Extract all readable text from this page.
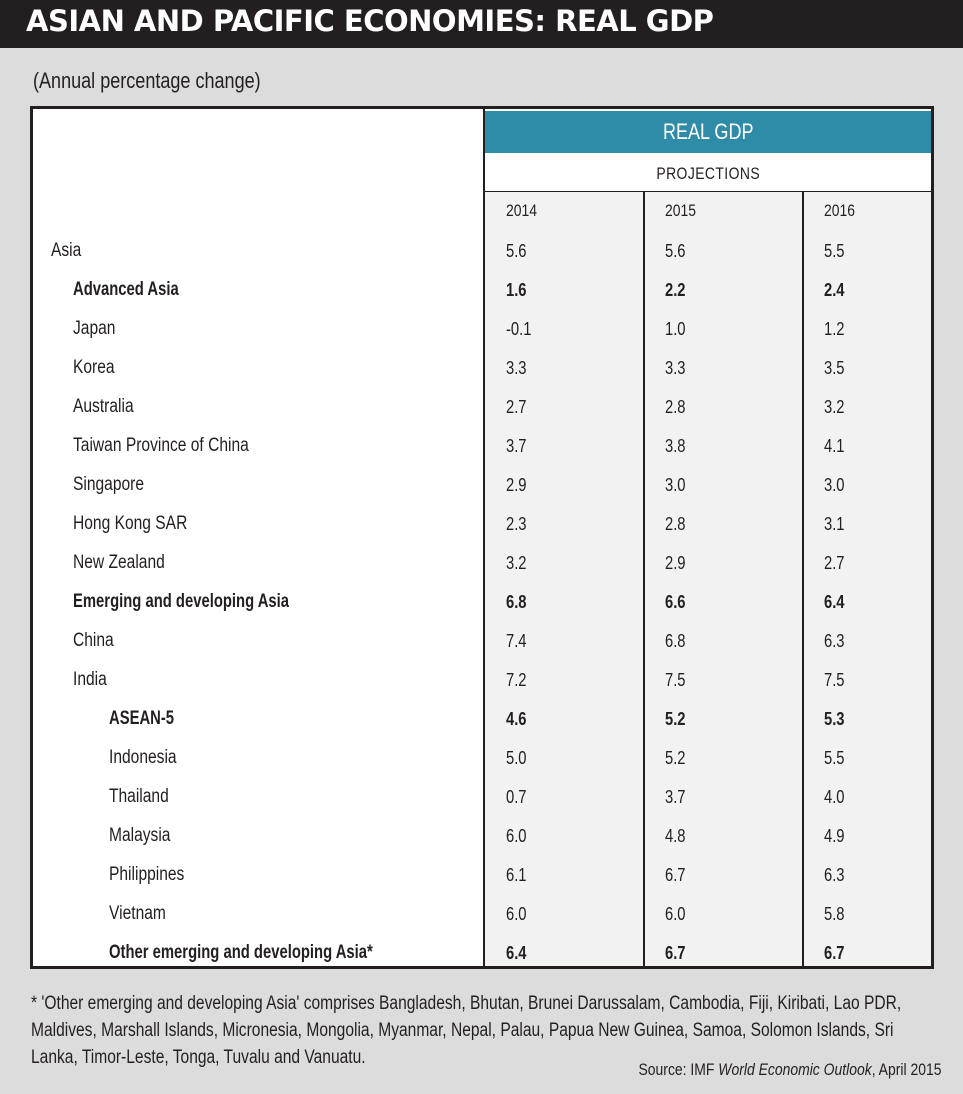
ASIAN AND PACIFIC ECONOMIES: REAL GDP
(Annual percentage change)
REAL GDP
PROJECTIONS
2014	2015	2016
Asia	5.6	5.6	5.5
Advanced Asia	1.6	2.2	2.4
Japan	-0.1	1.0	1.2
Korea	3.3	3.3	3.5
Australia	2.7	2.8	3.2
Taiwan Province of China	3.7	3.8	4.1
Singapore	2.9	3.0	3.0
Hong Kong SAR	2.3	2.8	3.1
New Zealand	3.2	2.9	2.7
Emerging and developing Asia	6.8	6.6	6.4
China	7.4	6.8	6.3
India	7.2	7.5	7.5
ASEAN-5	4.6	5.2	5.3
Indonesia	5.0	5.2	5.5
Thailand	0.7	3.7	4.0
Malaysia	6.0	4.8	4.9
Philippines	6.1	6.7	6.3
Vietnam	6.0	6.0	5.8
Other emerging and developing Asia*	6.4	6.7	6.7
* 'Other emerging and developing Asia' comprises Bangladesh, Bhutan, Brunei Darussalam, Cambodia, Fiji, Kiribati, Lao PDR, Maldives, Marshall Islands, Micronesia, Mongolia, Myanmar, Nepal, Palau, Papua New Guinea, Samoa, Solomon Islands, Sri Lanka, Timor-Leste, Tonga, Tuvalu and Vanuatu.
Source: IMF World Economic Outlook, April 2015
